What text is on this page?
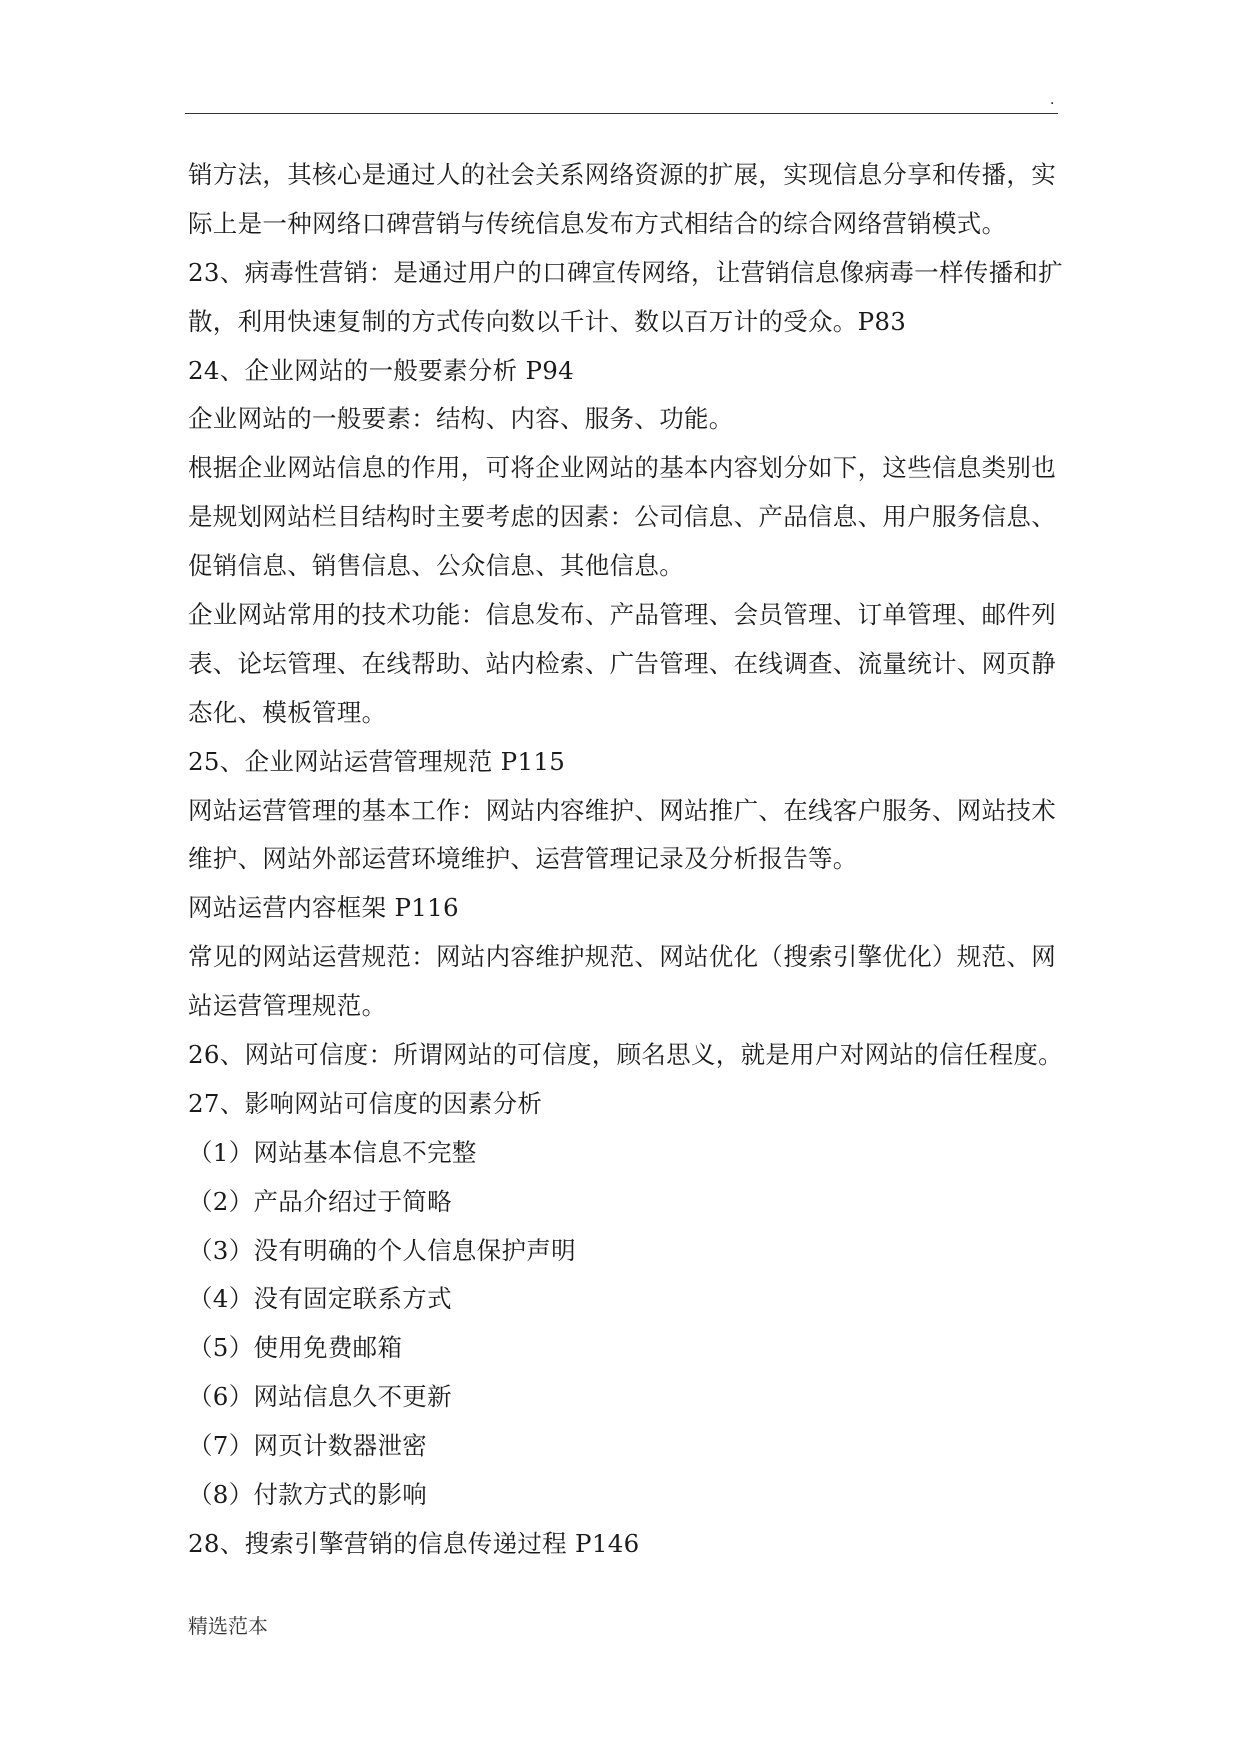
.
销方法，其核心是通过人的社会关系网络资源的扩展，实现信息分享和传播，实
际上是一种网络口碑营销与传统信息发布方式相结合的综合网络营销模式。
23、病毒性营销：是通过用户的口碑宣传网络，让营销信息像病毒一样传播和扩
散，利用快速复制的方式传向数以千计、数以百万计的受众。P83
24、企业网站的一般要素分析 P94
企业网站的一般要素：结构、内容、服务、功能。
根据企业网站信息的作用，可将企业网站的基本内容划分如下，这些信息类别也
是规划网站栏目结构时主要考虑的因素：公司信息、产品信息、用户服务信息、
促销信息、销售信息、公众信息、其他信息。
企业网站常用的技术功能：信息发布、产品管理、会员管理、订单管理、邮件列
表、论坛管理、在线帮助、站内检索、广告管理、在线调查、流量统计、网页静
态化、模板管理。
25、企业网站运营管理规范 P115
网站运营管理的基本工作：网站内容维护、网站推广、在线客户服务、网站技术
维护、网站外部运营环境维护、运营管理记录及分析报告等。
网站运营内容框架 P116
常见的网站运营规范：网站内容维护规范、网站优化（搜索引擎优化）规范、网
站运营管理规范。
26、网站可信度：所谓网站的可信度，顾名思义，就是用户对网站的信任程度。
27、影响网站可信度的因素分析
（1）网站基本信息不完整
（2）产品介绍过于简略
（3）没有明确的个人信息保护声明
（4）没有固定联系方式
（5）使用免费邮箱
（6）网站信息久不更新
（7）网页计数器泄密
（8）付款方式的影响
28、搜索引擎营销的信息传递过程 P146
精选范本
